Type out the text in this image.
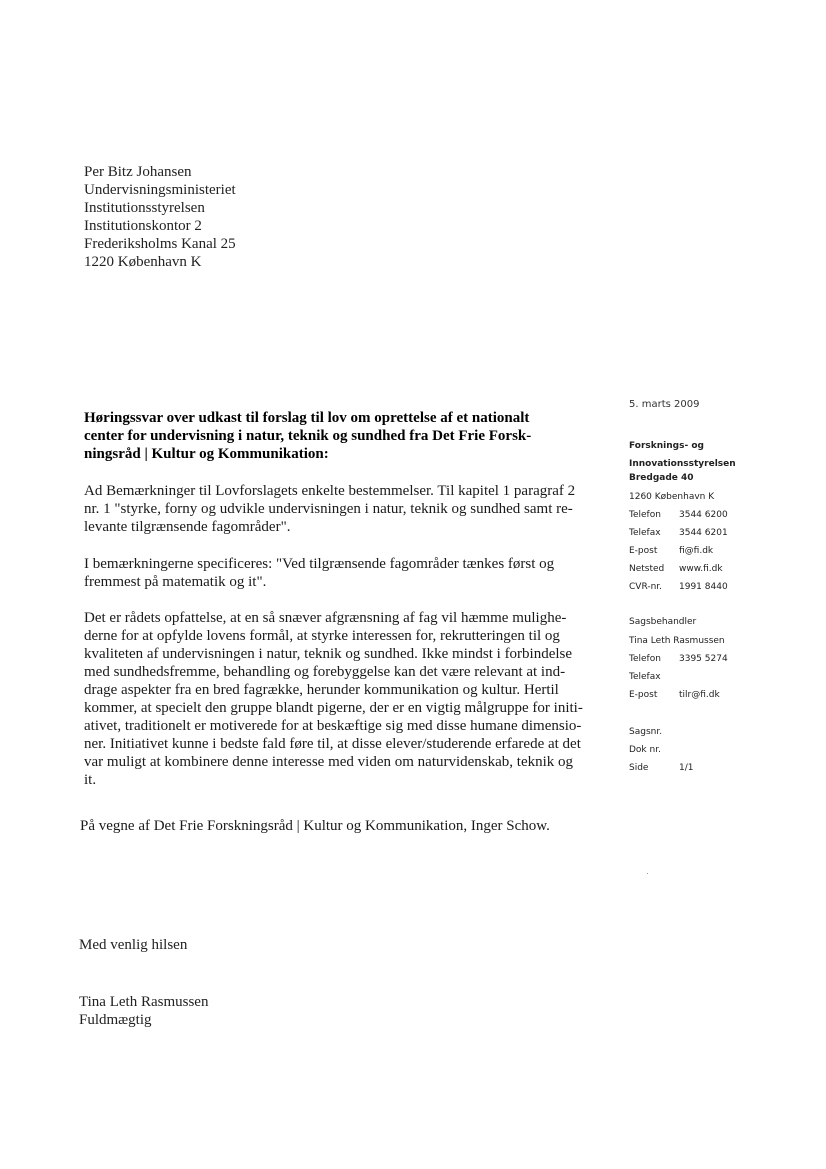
Per Bitz Johansen
Undervisningsministeriet
Institutionsstyrelsen
Institutionskontor 2
Frederiksholms Kanal 25
1220 København K

Høringssvar over udkast til forslag til lov om oprettelse af et nationalt center for undervisning i natur, teknik og sundhed fra Det Frie Forsk- ningsråd | Kultur og Kommunikation:

Ad Bemærkninger til Lovforslagets enkelte bestemmelser. Til kapitel 1 paragraf 2 nr. 1 "styrke, forny og udvikle undervisningen i natur, teknik og sundhed samt re- levante tilgrænsende fagområder".

I bemærkningerne specificeres: "Ved tilgrænsende fagområder tænkes først og fremmest på matematik og it".

Det er rådets opfattelse, at en så snæver afgrænsning af fag vil hæmme mulighe- derne for at opfylde lovens formål, at styrke interessen for, rekrutteringen til og kvaliteten af undervisningen i natur, teknik og sundhed. Ikke mindst i forbindelse med sundhedsfremme, behandling og forebyggelse kan det være relevant at ind- drage aspekter fra en bred fagrække, herunder kommunikation og kultur. Hertil kommer, at specielt den gruppe blandt pigerne, der er en vigtig målgruppe for initi- ativet, traditionelt er motiverede for at beskæftige sig med disse humane dimensio- ner. Initiativet kunne i bedste fald føre til, at disse elever/studerende erfarede at det var muligt at kombinere denne interesse med viden om naturvidenskab, teknik og it.

På vegne af Det Frie Forskningsråd | Kultur og Kommunikation, Inger Schow.

Med venlig hilsen
Tina Leth Rasmussen
Fuldmægtig
5. marts 2009
Forsknings- og
Innovationsstyrelsen
Bredgade 40
1260 København K
Telefon 3544 6200
Telefax 3544 6201
E-post fi@fi.dk
Netsted www.fi.dk
CVR-nr. 1991 8440
Sagsbehandler
Tina Leth Rasmussen
Telefon 3395 5274
Telefax
E-post tilr@fi.dk
Sagsnr.
Dok nr.
Side	1/1
